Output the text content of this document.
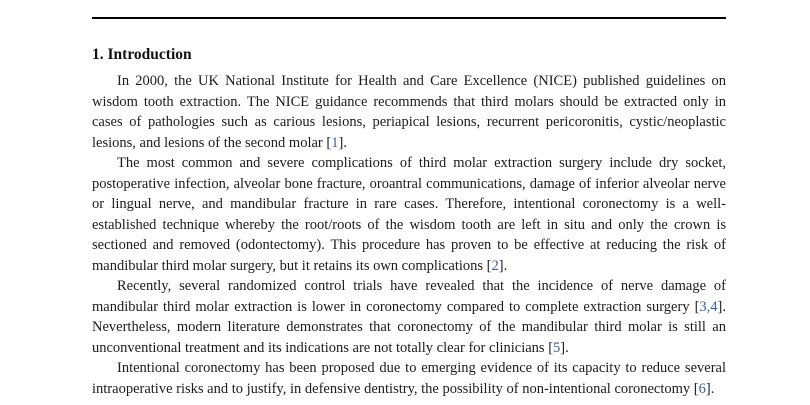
1. Introduction

In 2000, the UK National Institute for Health and Care Excellence (NICE) published guidelines on wisdom tooth extraction. The NICE guidance recommends that third molars should be extracted only in cases of pathologies such as carious lesions, periapical lesions, recurrent pericoronitis, cystic/neoplastic lesions, and lesions of the second molar [1].

The most common and severe complications of third molar extraction surgery include dry socket, postoperative infection, alveolar bone fracture, oroantral communications, damage of inferior alveolar nerve or lingual nerve, and mandibular fracture in rare cases. Therefore, intentional coronectomy is a well-established technique whereby the root/roots of the wisdom tooth are left in situ and only the crown is sectioned and removed (odontectomy). This procedure has proven to be effective at reducing the risk of mandibular third molar surgery, but it retains its own complications [2].

Recently, several randomized control trials have revealed that the incidence of nerve damage of mandibular third molar extraction is lower in coronectomy compared to complete extraction surgery [3,4]. Nevertheless, modern literature demonstrates that coronectomy of the mandibular third molar is still an unconventional treatment and its indications are not totally clear for clinicians [5].

Intentional coronectomy has been proposed due to emerging evidence of its capacity to reduce several intraoperative risks and to justify, in defensive dentistry, the possibility of non-intentional coronectomy [6].
